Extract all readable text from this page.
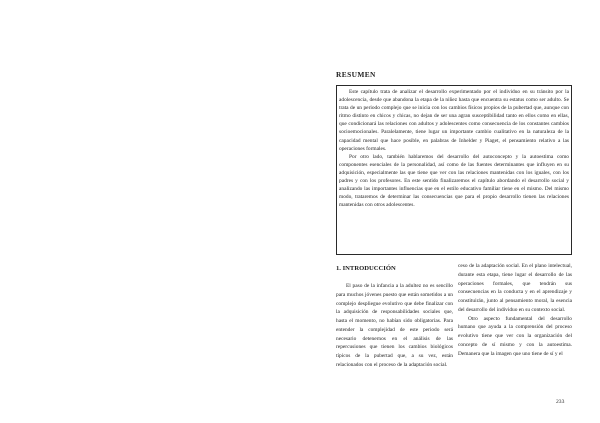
RESUMEN

Este capítulo trata de analizar el desarrollo experimentado por el individuo en su tránsito por la adolescencia, desde que abandona la etapa de la niñez hasta que encuentra su estatus como ser adulto. Se trata de un periodo complejo que se inicia con los cambios físicos propios de la pubertad que, aunque con ritmo distinto en chicos y chicas, no dejan de ser una agran susceptibilidad tanto en ellos como en ellas, que condicionará las relaciones con adultos y adolescentes como consecuencia de los constantes cambios socioemocionales. Paralelamente, tiene lugar un importante cambio cualitativo en la naturaleza de la capacidad mental que hace posible, en palabras de Inhelder y Piaget, el pensamiento relativo a las operaciones formales.

Por otro lado, también hablaremos del desarrollo del autoconcepto y la autoestima como componentes esenciales de la personalidad, así como de las fuentes determinantes que influyen en su adquisición, especialmente las que tiene que ver con las relaciones mantenidas con los iguales, con los padres y con los profesores. En este sentido finalizaremos el capítulo abordando el desarrollo social y analizando las importantes influencias que en el estilo educativo familiar tiene en el mismo. Del mismo modo, trataremos de determinar las consecuencias que para el propio desarrollo tienen las relaciones mantenidas con otros adolescentes.

1. INTRODUCCIÓN

El paso de la infancia a la adultez no es sencillo para muchos jóvenes puesto que están sometidos a un complejo despliegue evolutivo que debe finalizar con la adquisición de responsabilidades sociales que, hasta el momento, no habían sido obligatorias. Para entender la complejidad de este periodo será necesario detenernos en el análisis de las repercusiones que tienen los cambios biológicos típicos de la pubertad que, a su vez, están relacionados con el proceso de la adaptación social.

ceso de la adaptación social. En el plano intelectual, durante esta etapa, tiene lugar el desarrollo de las operaciones formales, que tendrán sus consecuencias en la conducta y en el aprendizaje y constituirán, junto al pensamiento moral, la esencia del desarrollo del individuo en su contexto social.

Otro aspecto fundamental del desarrollo humano que ayuda a la comprensión del proceso evolutivo tiene que ver con la organización del concepto de sí mismo y con la autoestima. Demanera que la imagen que uno tiene de sí y el

233
